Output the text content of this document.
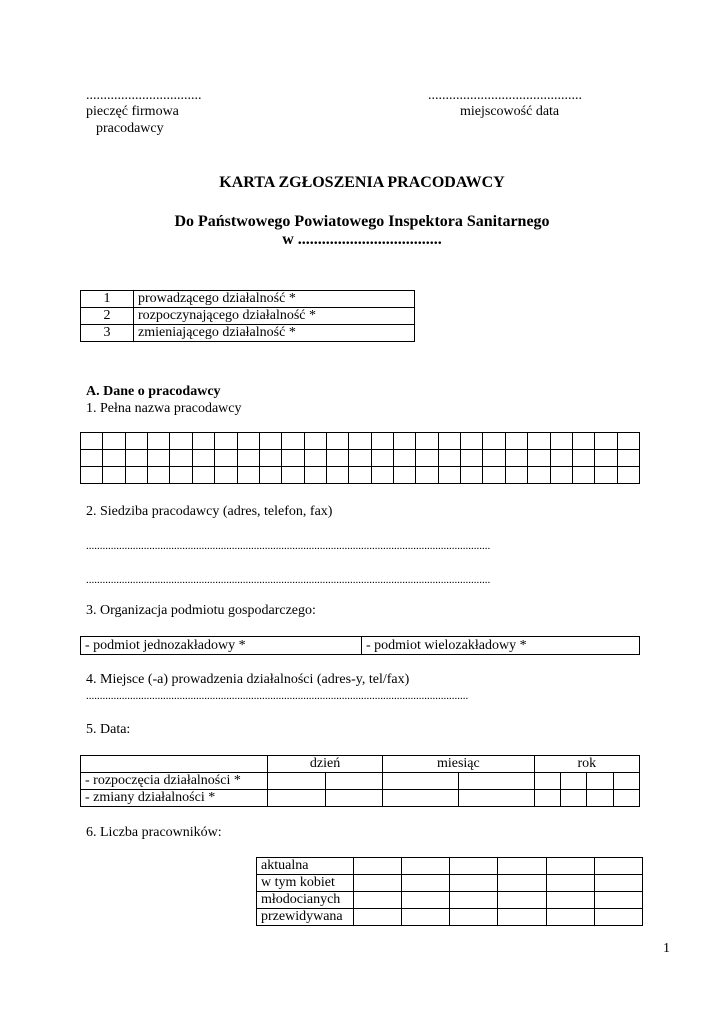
.................................
pieczęć firmowa
pracodawcy
............................................
miejscowość data
KARTA ZGŁOSZENIA PRACODAWCY
Do Państwowego Powiatowego Inspektora Sanitarnego
w ....................................
1	prowadzącego działalność *
2	rozpoczynającego działalność *
3	zmieniającego działalność *
A. Dane o pracodawcy
1. Pełna nazwa pracodawcy

2. Siedziba pracodawcy (adres, telefon, fax)
...................................................................................................................................................
...................................................................................................................................................
3. Organizacja podmiotu gospodarczego:
- podmiot jednozakładowy *	- podmiot wielozakładowy *
4. Miejsce (-a) prowadzenia działalności (adres-y, tel/fax)
...........................................................................................................................................
5. Data:
	dzień		miesiąc		rok			
- rozpoczęcia działalności *								
- zmiany działalności *								
6. Liczba pracowników:
aktualna						
w tym kobiet						
młodocianych						
przewidywana						
1
